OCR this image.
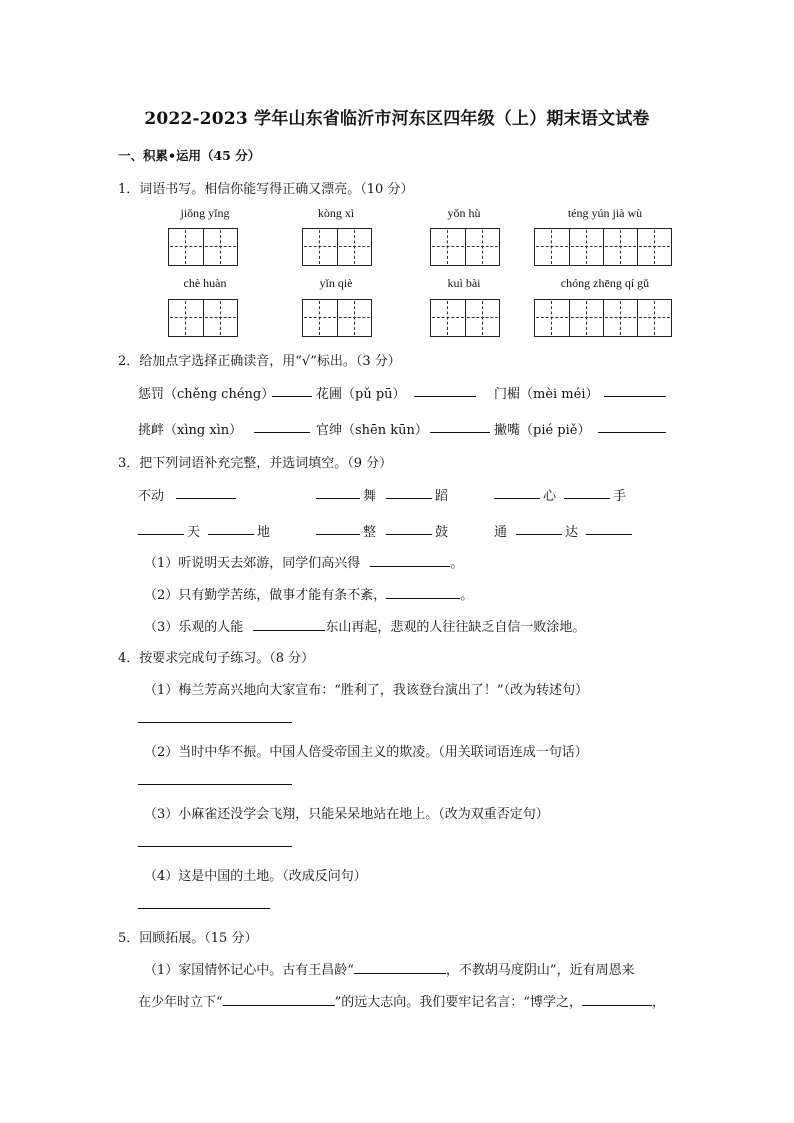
2022-2023 学年山东省临沂市河东区四年级（上）期末语文试卷
一、积累•运用（45 分）
1．词语书写。相信你能写得正确又漂亮。（10 分）
jiǒng yǐng	kòng xì	yǒn hù	téng yún jià wù
chè huàn	yǐn qiè	kuì bài	chóng zhēng qí gǔ
2．给加点字选择正确读音，用“√”标出。（3 分）
惩罚（chěng chéng）	花圃（pǔ pū）	门楣（mèi méi）
挑衅（xìng xìn）	官绅（shēn kūn）	撇嘴（pié piě）
3．把下列词语补充完整，并选词填空。（9 分）
不动	舞	蹈	心	手
天	地	整	鼓	通	达
（1）听说明天去郊游，同学们高兴得	。
（2）只有勤学苦练，做事才能有条不紊，	。
（3）乐观的人能	东山再起，悲观的人往往缺乏自信一败涂地。
4．按要求完成句子练习。（8 分）
（1）梅兰芳高兴地向大家宣布：“胜利了，我该登台演出了！”（改为转述句）
（2）当时中华不振。中国人倍受帝国主义的欺凌。（用关联词语连成一句话）
（3）小麻雀还没学会飞翔，只能呆呆地站在地上。（改为双重否定句）
（4）这是中国的土地。（改成反问句）
5．回顾拓展。（15 分）
（1）家国情怀记心中。古有王昌龄“	，不教胡马度阴山”，近有周恩来
在少年时立下“	”的远大志向。我们要牢记名言：“博学之，	，
